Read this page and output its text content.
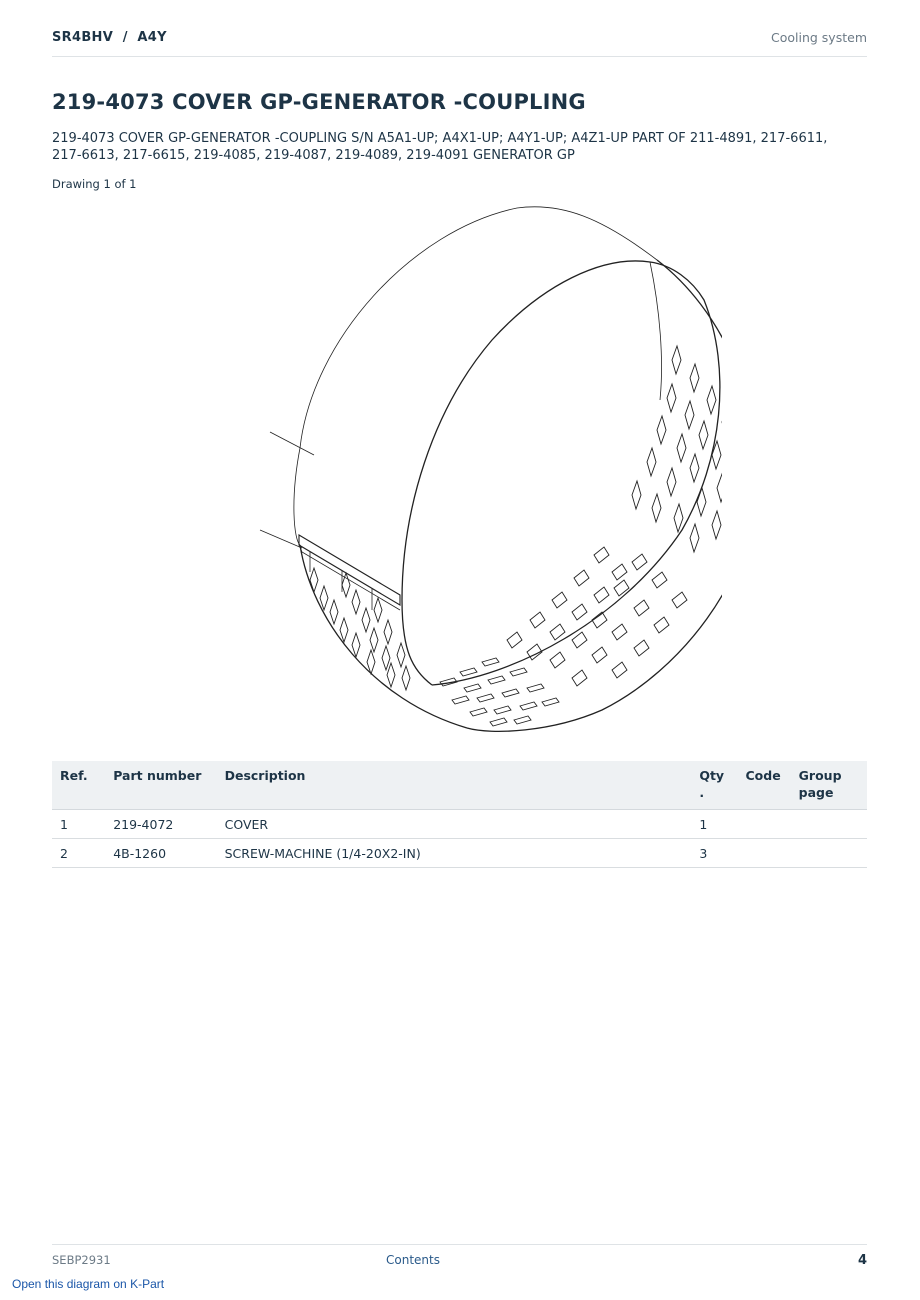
SR4BHV  /  A4Y	Cooling system
219-4073 COVER GP-GENERATOR -COUPLING

219-4073 COVER GP-GENERATOR -COUPLING S/N A5A1-UP; A4X1-UP; A4Y1-UP; A4Z1-UP PART OF 211-4891, 217-6611, 217-6613, 217-6615, 219-4085, 219-4087, 219-4089, 219-4091 GENERATOR GP

Drawing 1 of 1
Ref.	Part number	Description	Qty .	Code	Group page
1	219-4072	COVER	1		
2	4B-1260	SCREW-MACHINE (1/4-20X2-IN)	3		
SEBP2931	Contents	4
Open this diagram on K-Part
